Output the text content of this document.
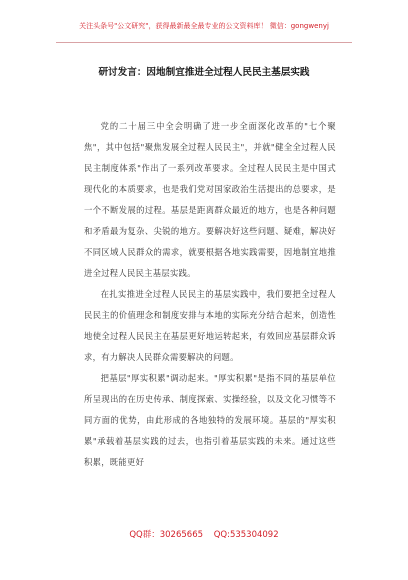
关注头条号"公文研究"，获得最新最全最专业的公文资料库！ 微信：gongwenyj
研讨发言：因地制宜推进全过程人民民主基层实践

党的二十届三中全会明确了进一步全面深化改革的"七个聚焦"，其中包括"聚焦发展全过程人民民主"，并就"健全全过程人民民主制度体系"作出了一系列改革要求。全过程人民民主是中国式现代化的本质要求，也是我们党对国家政治生活提出的总要求，是一个不断发展的过程。基层是距离群众最近的地方，也是各种问题和矛盾最为复杂、尖锐的地方。要解决好这些问题、疑难，解决好不同区域人民群众的需求，就要根据各地实践需要，因地制宜地推进全过程人民民主基层实践。

在扎实推进全过程人民民主的基层实践中，我们要把全过程人民民主的价值理念和制度安排与本地的实际充分结合起来，创造性地使全过程人民民主在基层更好地运转起来，有效回应基层群众诉求，有力解决人民群众需要解决的问题。

把基层"厚实积累"调动起来。"厚实积累"是指不同的基层单位所呈现出的在历史传承、制度探索、实操经验，以及文化习惯等不同方面的优势，由此形成的各地独特的发展环境。基层的"厚实积累"承载着基层实践的过去，也指引着基层实践的未来。通过这些积累，既能更好

QQ群：30265665 QQ:535304092
